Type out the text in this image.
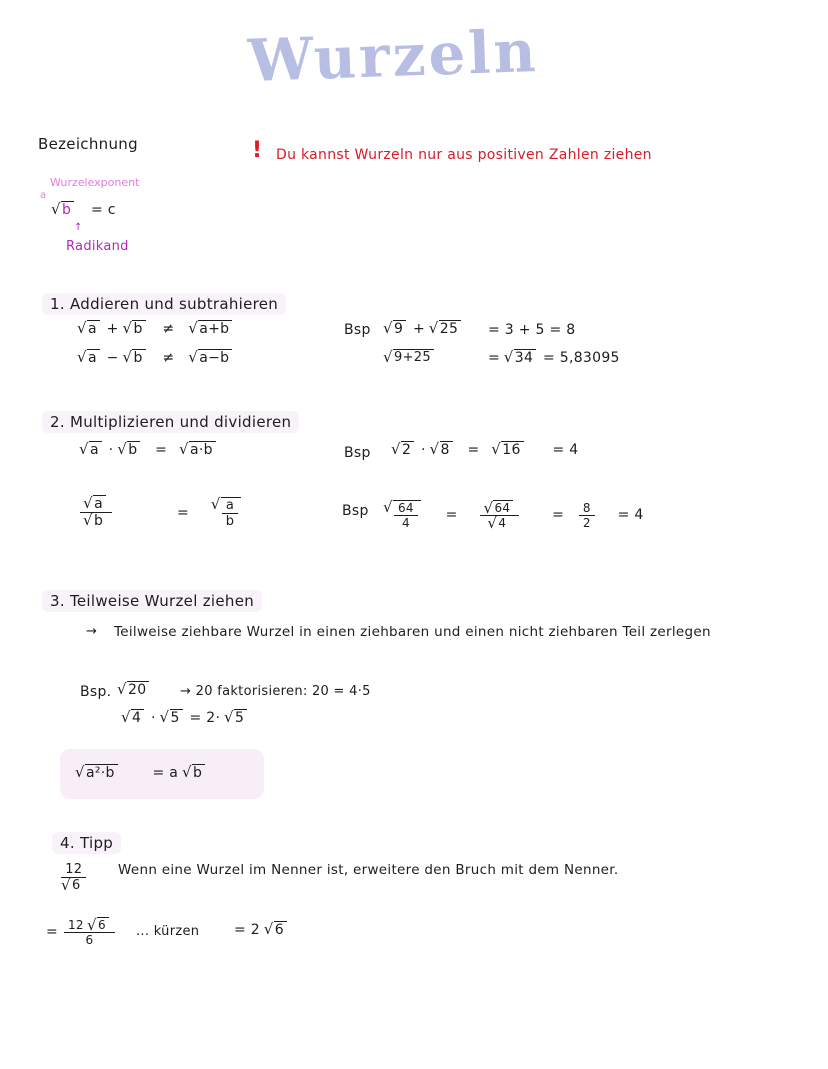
Wurzeln
Bezeichnung
Wurzelexponent
a
√ b = c
↑
Radikand
! Du kannst Wurzeln nur aus positiven Zahlen ziehen
1. Addieren und subtrahieren
√ a + √ b ≠ √ a+b
√ a − √ b ≠ √ a−b
Bsp	√ 9 + √ 25	= 3 + 5 = 8
√ 9+25	= √ 34 = 5,83095
2. Multiplizieren und dividieren
√ a · √ b = √ a·b
√ a
√ b	= √ $\frac{a}{b}$
Bsp	√ 2 · √ 8 = √ 16 = 4
Bsp √ $\frac{64}{4}$ = √ 64
√ $4 = \frac{8}{2} = 4$
3. Teilweise Wurzel ziehen
→ Teilweise ziehbare Wurzel in einen ziehbaren und einen nicht ziehbaren Teil zerlegen
Bsp.	√ 20	→ 20 faktorisieren: 20 = 4·5
√ 4 · √ 5 = 2· √ 5
√ a²·b	= a √ b
4. Tipp
12
√ 6 Wenn eine Wurzel im Nenner ist, erweitere den Bruch mit dem Nenner.
= $\frac{12 √ 6}{6}$ ... kürzen = 2 √ 6
